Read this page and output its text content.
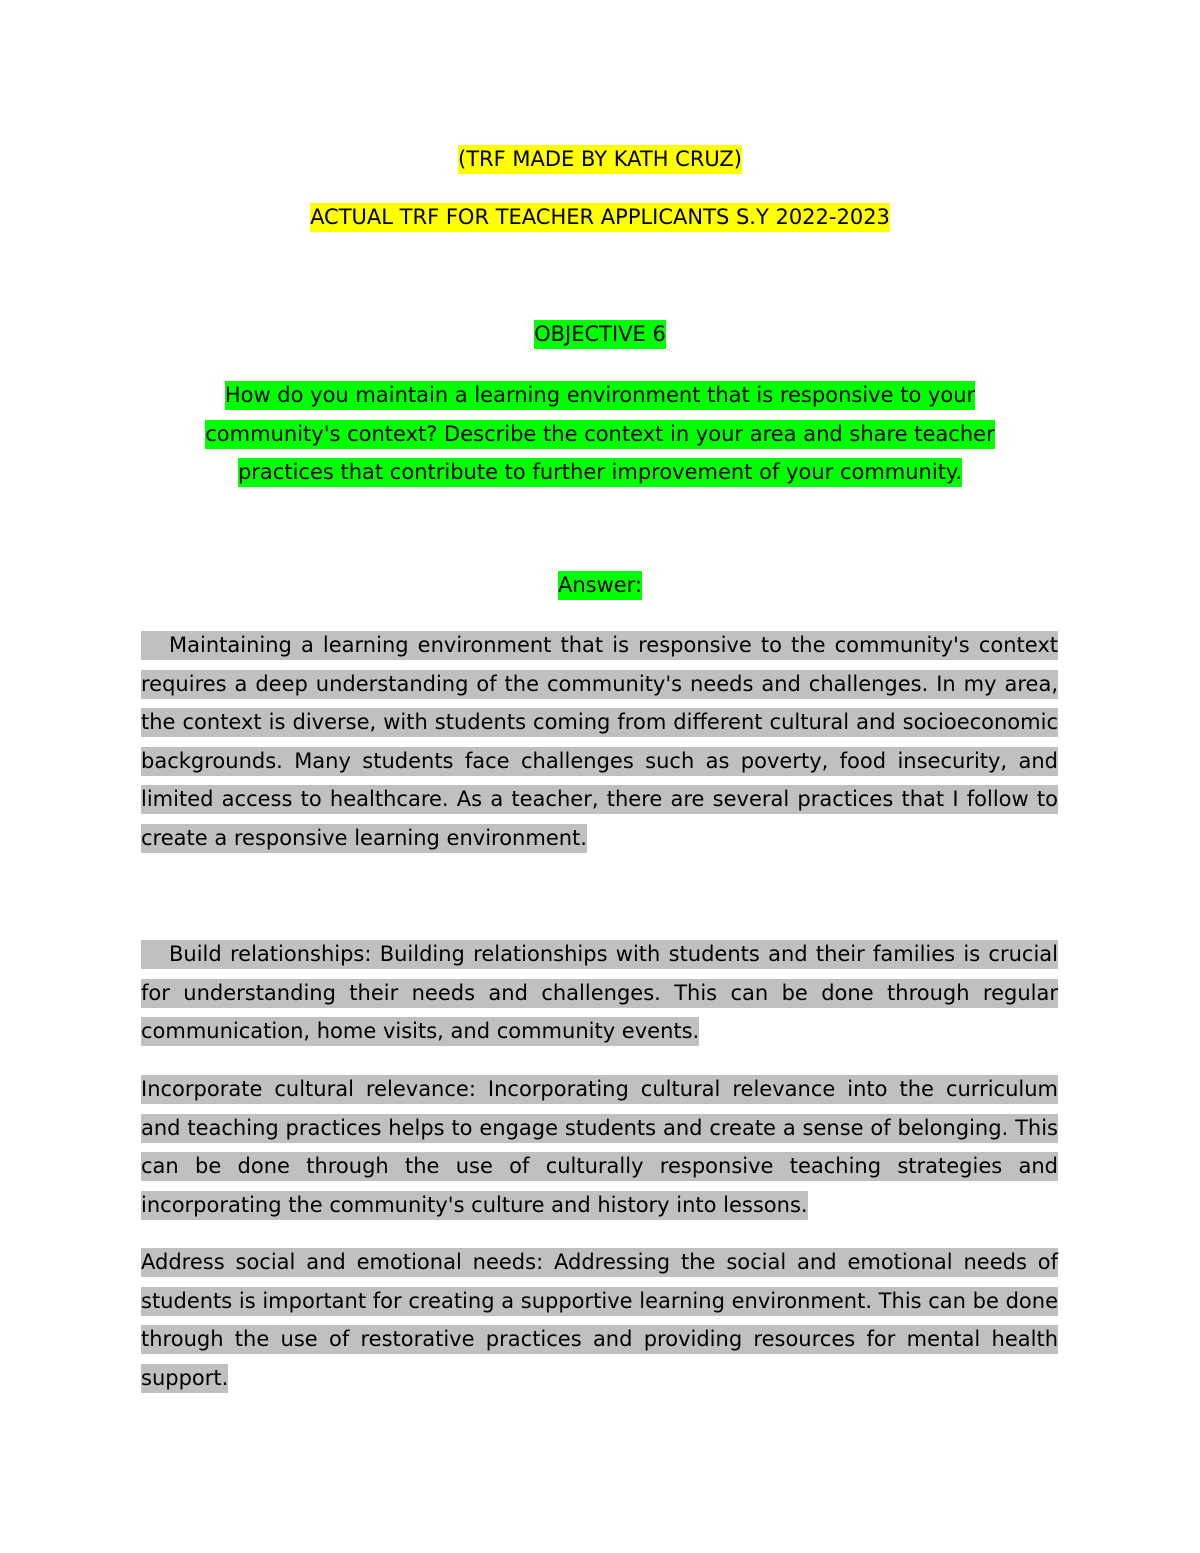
(TRF MADE BY KATH CRUZ)
ACTUAL TRF FOR TEACHER APPLICANTS S.Y 2022-2023
OBJECTIVE 6
How do you maintain a learning environment that is responsive to your community's context? Describe the context in your area and share teacher practices that contribute to further improvement of your community.
Answer:
Maintaining a learning environment that is responsive to the community's context requires a deep understanding of the community's needs and challenges. In my area, the context is diverse, with students coming from different cultural and socioeconomic backgrounds. Many students face challenges such as poverty, food insecurity, and limited access to healthcare. As a teacher, there are several practices that I follow to create a responsive learning environment.
Build relationships: Building relationships with students and their families is crucial for understanding their needs and challenges. This can be done through regular communication, home visits, and community events.
Incorporate cultural relevance: Incorporating cultural relevance into the curriculum and teaching practices helps to engage students and create a sense of belonging. This can be done through the use of culturally responsive teaching strategies and incorporating the community's culture and history into lessons.
Address social and emotional needs: Addressing the social and emotional needs of students is important for creating a supportive learning environment. This can be done through the use of restorative practices and providing resources for mental health support.
